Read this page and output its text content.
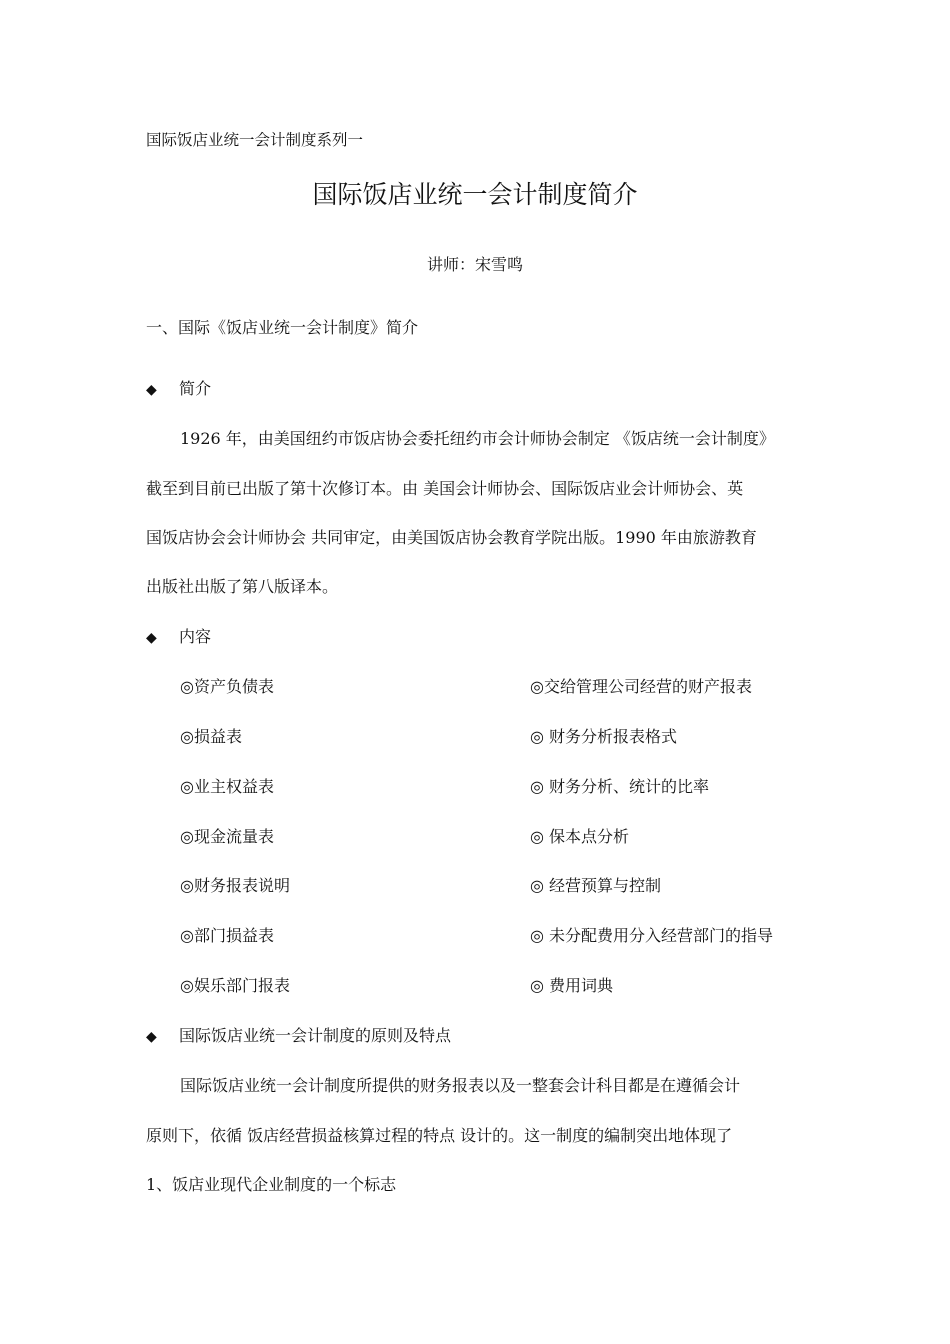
国际饭店业统一会计制度系列一
国际饭店业统一会计制度简介
讲师：宋雪鸣
一、国际《饭店业统一会计制度》简介
◆ 简介
1926 年，由美国纽约市饭店协会委托纽约市会计师协会制定 《饭店统一会计制度》
截至到目前已出版了第十次修订本。由 美国会计师协会、国际饭店业会计师协会、英
国饭店协会会计师协会 共同审定，由美国饭店协会教育学院出版。1990 年由旅游教育
出版社出版了第八版译本。
◆ 内容
◎资产负债表
◎损益表
◎业主权益表
◎现金流量表
◎财务报表说明
◎部门损益表
◎娱乐部门报表
◎交给管理公司经营的财产报表
◎ 财务分析报表格式
◎ 财务分析、统计的比率
◎ 保本点分析
◎ 经营预算与控制
◎ 未分配费用分入经营部门的指导
◎ 费用词典
◆ 国际饭店业统一会计制度的原则及特点
国际饭店业统一会计制度所提供的财务报表以及一整套会计科目都是在遵循会计
原则下，依循 饭店经营损益核算过程的特点 设计的。这一制度的编制突出地体现了
1、饭店业现代企业制度的一个标志
